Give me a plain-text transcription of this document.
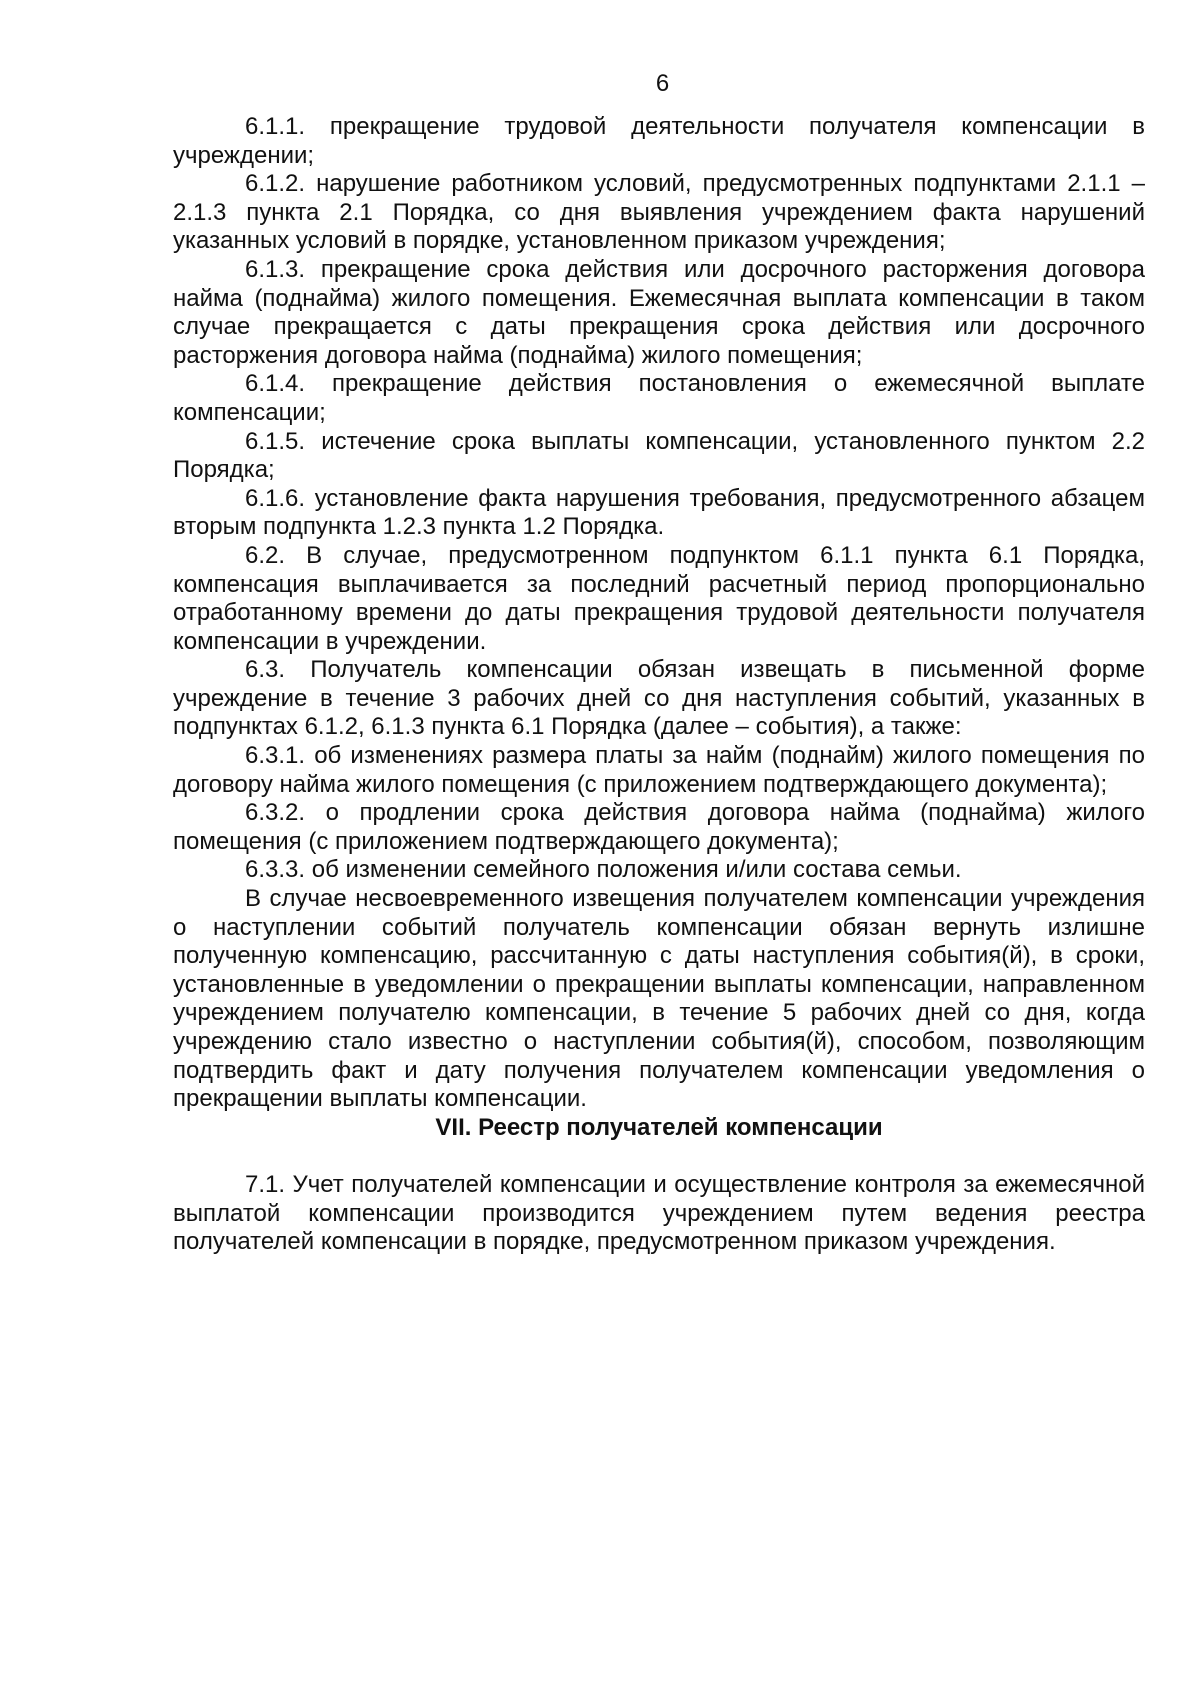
6

6.1.1. прекращение трудовой деятельности получателя компенсации в учреждении;

6.1.2. нарушение работником условий, предусмотренных подпунктами 2.1.1 – 2.1.3 пункта 2.1 Порядка, со дня выявления учреждением факта нарушений указанных условий в порядке, установленном приказом учреждения;

6.1.3. прекращение срока действия или досрочного расторжения договора найма (поднайма) жилого помещения. Ежемесячная выплата компенсации в таком случае прекращается с даты прекращения срока действия или досрочного расторжения договора найма (поднайма) жилого помещения;

6.1.4. прекращение действия постановления о ежемесячной выплате компенсации;

6.1.5. истечение срока выплаты компенсации, установленного пунктом 2.2 Порядка;

6.1.6. установление факта нарушения требования, предусмотренного абзацем вторым подпункта 1.2.3 пункта 1.2 Порядка.

6.2. В случае, предусмотренном подпунктом 6.1.1 пункта 6.1 Порядка, компенсация выплачивается за последний расчетный период пропорционально отработанному времени до даты прекращения трудовой деятельности получателя компенсации в учреждении.

6.3. Получатель компенсации обязан извещать в письменной форме учреждение в течение 3 рабочих дней со дня наступления событий, указанных в подпунктах 6.1.2, 6.1.3 пункта 6.1 Порядка (далее – события), а также:

6.3.1. об изменениях размера платы за найм (поднайм) жилого помещения по договору найма жилого помещения (с приложением подтверждающего документа);

6.3.2. о продлении срока действия договора найма (поднайма) жилого помещения (с приложением подтверждающего документа);

6.3.3. об изменении семейного положения и/или состава семьи.

В случае несвоевременного извещения получателем компенсации учреждения о наступлении событий получатель компенсации обязан вернуть излишне полученную компенсацию, рассчитанную с даты наступления события(й), в сроки, установленные в уведомлении о прекращении выплаты компенсации, направленном учреждением получателю компенсации, в течение 5 рабочих дней со дня, когда учреждению стало известно о наступлении события(й), способом, позволяющим подтвердить факт и дату получения получателем компенсации уведомления о прекращении выплаты компенсации.

VII. Реестр получателей компенсации

7.1. Учет получателей компенсации и осуществление контроля за ежемесячной выплатой компенсации производится учреждением путем ведения реестра получателей компенсации в порядке, предусмотренном приказом учреждения.
